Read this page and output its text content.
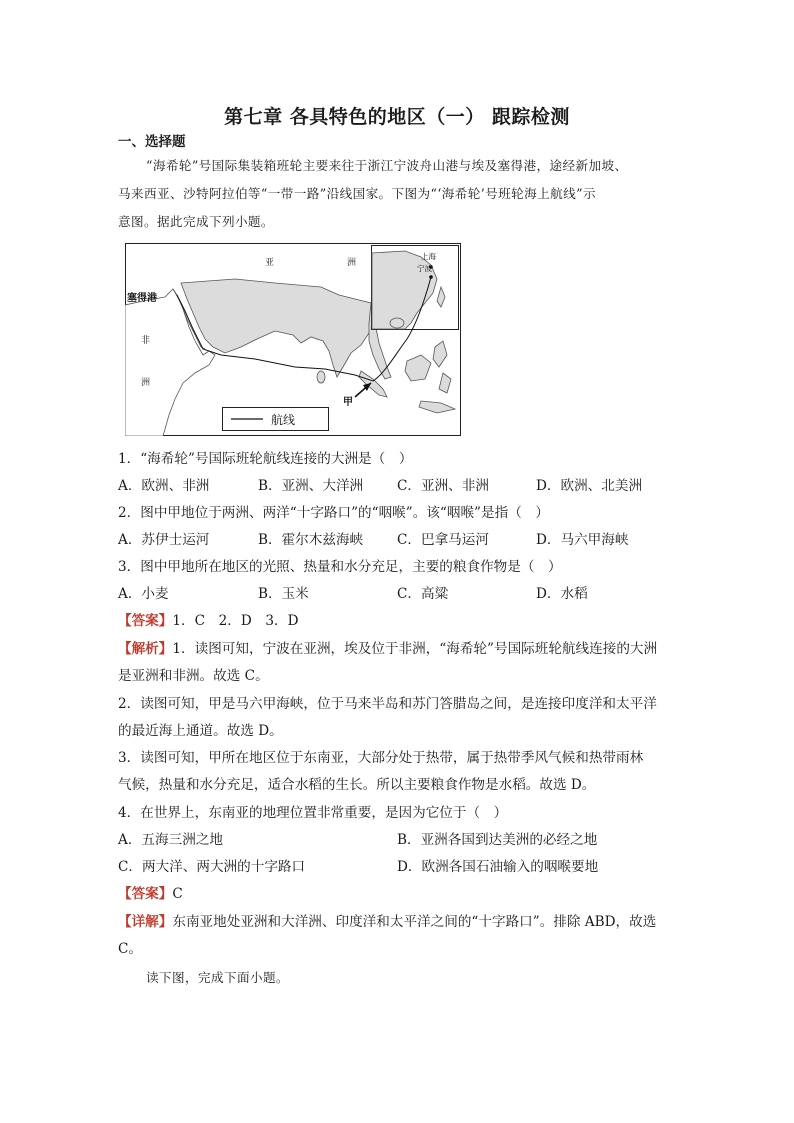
第七章 各具特色的地区（一） 跟踪检测
一、选择题
“海希轮”号国际集装箱班轮主要来往于浙江宁波舟山港与埃及塞得港，途经新加坡、
马来西亚、沙特阿拉伯等“一带一路”沿线国家。下图为“‘海希轮’号班轮海上航线”示
意图。据此完成下列小题。
亚	洲
非
洲
塞得港
上海
宁波
甲
航线
1．“海希轮”号国际班轮航线连接的大洲是（　）
A．欧洲、非洲	B．亚洲、大洋洲 C．亚洲、非洲	D．欧洲、北美洲
2．图中甲地位于两洲、两洋“十字路口”的“咽喉”。该“咽喉”是指（　）
A．苏伊士运河	B．霍尔木兹海峡 C．巴拿马运河	D．马六甲海峡
3．图中甲地所在地区的光照、热量和水分充足，主要的粮食作物是（　）
A．小麦	B．玉米	C．高粱	D．水稻
【答案】1．C　2．D　3．D
【解析】1．读图可知，宁波在亚洲，埃及位于非洲，“海希轮”号国际班轮航线连接的大洲
是亚洲和非洲。故选 C。
2．读图可知，甲是马六甲海峡，位于马来半岛和苏门答腊岛之间，是连接印度洋和太平洋
的最近海上通道。故选 D。
3．读图可知，甲所在地区位于东南亚，大部分处于热带，属于热带季风气候和热带雨林
气候，热量和水分充足，适合水稻的生长。所以主要粮食作物是水稻。故选 D。
4．在世界上，东南亚的地理位置非常重要，是因为它位于（　）
A．五海三洲之地	B．亚洲各国到达美洲的必经之地
C．两大洋、两大洲的十字路口	D．欧洲各国石油输入的咽喉要地
【答案】C
【详解】东南亚地处亚洲和大洋洲、印度洋和太平洋之间的“十字路口”。排除 ABD，故选
C。
读下图，完成下面小题。
